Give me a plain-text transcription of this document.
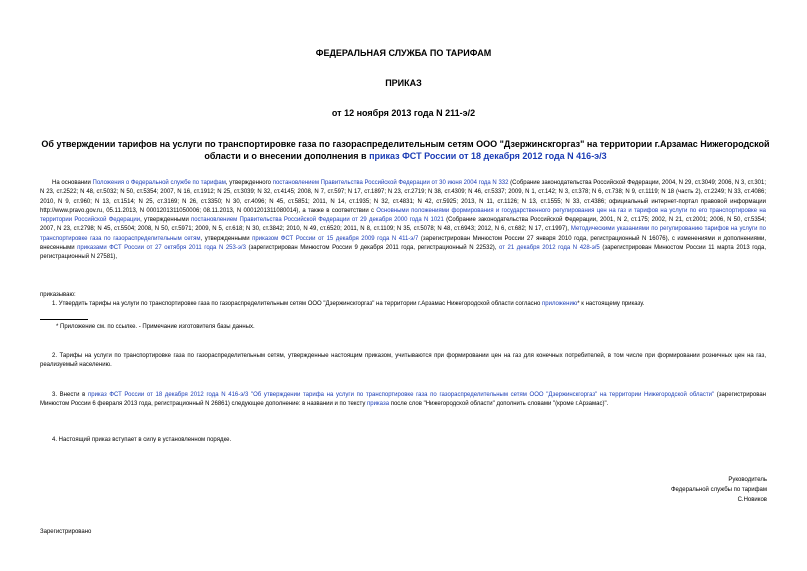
ФЕДЕРАЛЬНАЯ СЛУЖБА ПО ТАРИФАМ
ПРИКАЗ
от 12 ноября 2013 года N 211-э/2
Об утверждении тарифов на услуги по транспортировке газа по газораспределительным сетям ООО "Дзержинскгоргаз" на территории г.Арзамас Нижегородской области и о внесении дополнения в приказ ФСТ России от 18 декабря 2012 года N 416-э/3
На основании Положения о Федеральной службе по тарифам, утвержденного постановлением Правительства Российской Федерации от 30 июня 2004 года N 332 (Собрание законодательства Российской Федерации, 2004, N 29, ст.3049; 2006, N 3, ст.301; N 23, ст.2522; N 48, ст.5032; N 50, ст.5354; 2007, N 16, ст.1912; N 25, ст.3039; N 32, ст.4145; 2008, N 7, ст.597; N 17, ст.1897; N 23, ст.2719; N 38, ст.4309; N 46, ст.5337; 2009, N 1, ст.142; N 3, ст.378; N 6, ст.738; N 9, ст.1119; N 18 (часть 2), ст.2249; N 33, ст.4086; 2010, N 9, ст.960; N 13, ст.1514; N 25, ст.3169; N 26, ст.3350; N 30, ст.4096; N 45, ст.5851; 2011, N 14, ст.1935; N 32, ст.4831; N 42, ст.5925; 2013, N 11, ст.1126; N 13, ст.1555; N 33, ст.4386; официальный интернет-портал правовой информации http://www.pravo.gov.ru, 05.11.2013, N 0001201311050006; 08.11.2013, N 0001201311080014), а также в соответствии с Основными положениями формирования и государственного регулирования цен на газ и тарифов на услуги по его транспортировке на территории Российской Федерации, утвержденными постановлением Правительства Российской Федерации от 29 декабря 2000 года N 1021 (Собрание законодательства Российской Федерации, 2001, N 2, ст.175; 2002, N 21, ст.2001; 2006, N 50, ст.5354; 2007, N 23, ст.2798; N 45, ст.5504; 2008, N 50, ст.5971; 2009, N 5, ст.618; N 30, ст.3842; 2010, N 49, ст.6520; 2011, N 8, ст.1109; N 35, ст.5078; N 48, ст.6943; 2012, N 6, ст.682; N 17, ст.1997), Методическими указаниями по регулированию тарифов на услуги по транспортировке газа по газораспределительным сетям, утвержденными приказом ФСТ России от 15 декабря 2009 года N 411-э/7 (зарегистрирован Минюстом России 27 января 2010 года, регистрационный N 16076), с изменениями и дополнениями, внесенными приказами ФСТ России от 27 октября 2011 года N 253-э/3 (зарегистрирован Минюстом России 9 декабря 2011 года, регистрационный N 22532), от 21 декабря 2012 года N 428-э/5 (зарегистрирован Минюстом России 11 марта 2013 года, регистрационный N 27581),
приказываю:
1. Утвердить тарифы на услуги по транспортировке газа по газораспределительным сетям ООО "Дзержинскгоргаз" на территории г.Арзамас Нижегородской области согласно приложению* к настоящему приказу.
* Приложение см. по ссылке. - Примечание изготовителя базы данных.
2. Тарифы на услуги по транспортировке газа по газораспределительным сетям, утвержденные настоящим приказом, учитываются при формировании цен на газ для конечных потребителей, в том числе при формировании розничных цен на газ, реализуемый населению.
3. Внести в приказ ФСТ России от 18 декабря 2012 года N 416-э/3 "Об утверждении тарифа на услуги по транспортировке газа по газораспределительным сетям ООО "Дзержинскгоргаз" на территории Нижегородской области" (зарегистрирован Минюстом России 6 февраля 2013 года, регистрационный N 26861) следующее дополнение: в названии и по тексту приказа после слов "Нижегородской области" дополнить словами "(кроме г.Арзамас)".
4. Настоящий приказ вступает в силу в установленном порядке.
Руководитель
Федеральной службы по тарифам
С.Новиков
Зарегистрировано
